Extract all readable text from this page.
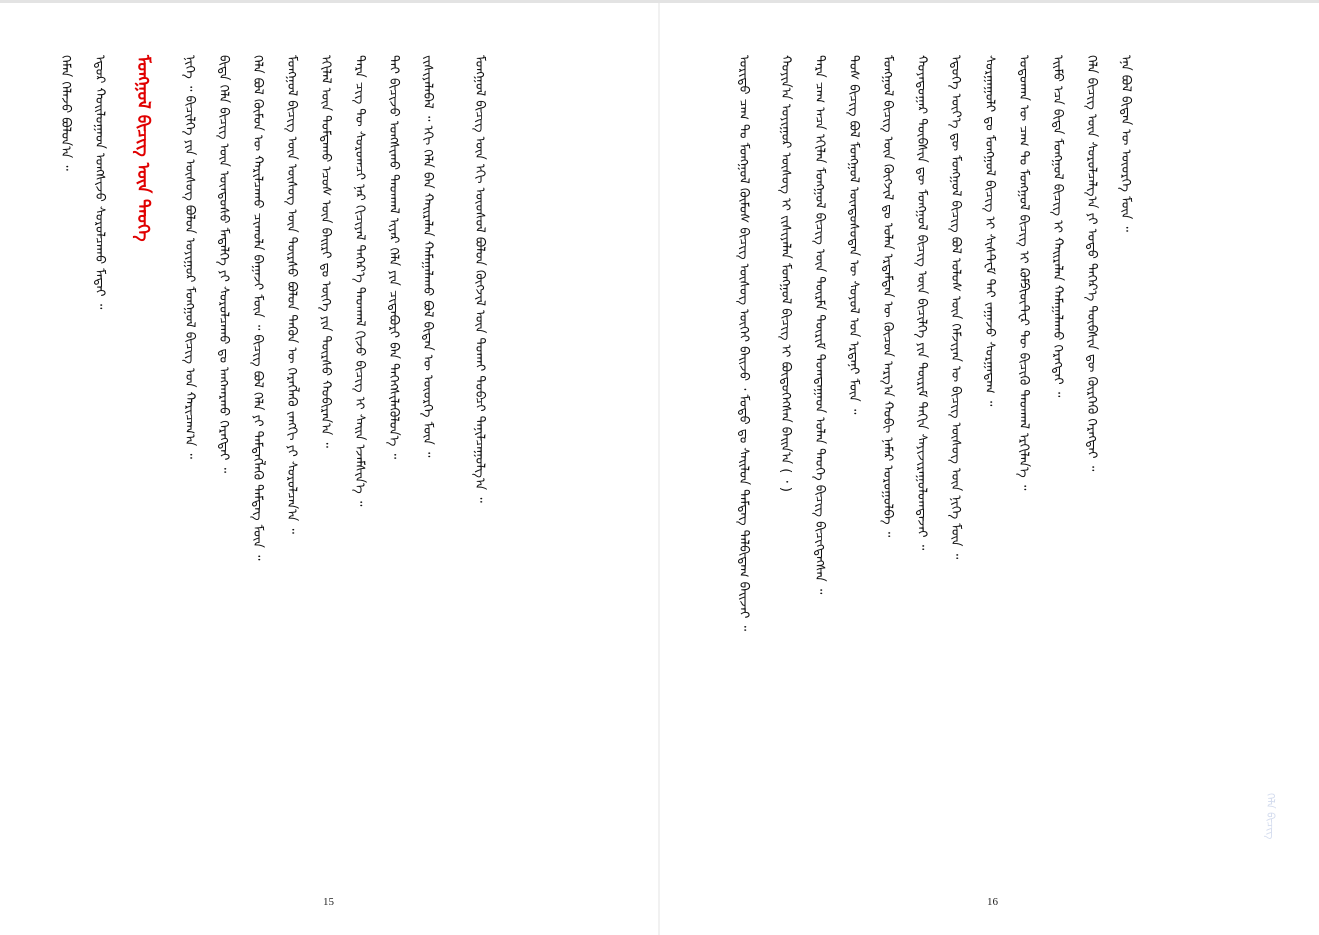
ᠬᠡᠮᠡᠨ ᠬᠡᠯᠡᠵᠦ ᠪᠣᠯᠣᠨ᠎ᠠ ᠃ ᠡᠳᠦᠷ ᠬᠣᠢᠯᠣᠭᠠᠳ ᠤᠩᠰᠢᠵᠤ ᠰᠤᠷᠤᠯᠴᠠᠬᠤ ᠮᠠᠲᠠᠢ ᠃ ᠮᠣᠩᠭᠣᠯ ᠪᠢᠴᠢᠭ ᠦᠨ ᠲᠡᠦᠬᠡ ᠨᠢᠭᠡ ᠃ ᠪᠢᠴᠢᠯᠭᠡ ᠶᠢᠨ ᠦᠰᠦᠭ ᠪᠣᠯᠣᠨ ᠤᠶᠢᠭᠤᠷ ᠮᠣᠩᠭᠣᠯ ᠪᠢᠴᠢᠭ ᠤᠨ ᠬᠠᠷᠢᠴᠠᠭ᠎ᠠ ᠃ ᠪᠢᠳᠡ ᠬᠡᠯᠡ ᠪᠢᠴᠢᠭ ᠦᠨ ᠦᠨᠳᠦᠰᠦ ᠮᠡᠳᠡᠯᠭᠡ ᠶᠢ ᠰᠤᠷᠤᠯᠴᠠᠬᠤ ᠳᠤ ᠠᠩᠬᠠᠷᠬᠤ ᠬᠡᠷᠡᠭᠲᠡᠢ ᠃ ᠬᠡᠯᠡ ᠪᠣᠯ ᠬᠦᠮᠦᠨ ᠦ ᠬᠠᠷᠢᠯᠴᠠᠬᠤ ᠴᠢᠬᠤᠯᠠ ᠪᠠᠭᠠᠵᠢ ᠮᠥᠨ ᠃ ᠪᠢᠴᠢᠭ ᠪᠣᠯ ᠬᠡᠯᠡ ᠶᠢ ᠲᠡᠮᠳᠡᠭᠯᠡᠬᠦ ᠲᠡᠮᠳᠡᠭ ᠮᠥᠨ ᠃ ᠮᠣᠩᠭᠣᠯ ᠪᠢᠴᠢᠭ ᠦᠨ ᠦᠰᠦᠭ ᠦᠨ ᠳᠦᠷᠰᠦ ᠪᠣᠯᠣᠨ ᠲᠡᠭᠦᠨ ᠦ ᠬᠡᠷᠡᠭᠯᠡᠬᠦ ᠵᠠᠩᠭᠢ ᠶᠢ ᠰᠤᠷᠤᠯᠴᠠᠨ᠎ᠠ ᠃ ᠡᠬᠢᠯᠡᠯ ᠦᠨ ᠳᠤᠮᠳᠠᠬᠤ ᠡᠴᠦᠰ ᠦᠨ ᠪᠠᠢᠷᠢ ᠳᠤ ᠦᠭᠡ ᠶᠢᠨ ᠳᠦᠷᠰᠦ ᠬᠤᠪᠢᠷᠠᠨ᠎ᠠ ᠃ ᠲᠡᠷᠡ ᠴᠢᠭ ᠲᠦ ᠰᠤᠷᠤᠭᠴᠢ ᠨᠠᠷ ᠬᠢᠴᠢᠶᠡᠯ ᠳᠡᠭᠡᠷ᠎ᠡ ᠳᠠᠳᠬᠠᠯ ᠬᠢᠵᠦ ᠪᠢᠴᠢᠭ ᠢ ᠰᠠᠢᠨ ᠡᠵᠡᠮᠰᠢᠨ᠎ᠡ ᠃ ᠲᠡᠢ ᠪᠢᠴᠢᠵᠦ ᠤᠩᠰᠢᠬᠤ ᠳᠠᠳᠬᠠᠯ ᠢᠶᠠᠷ ᠬᠡᠯᠡ ᠶᠢᠨ ᠴᠢᠳᠠᠪᠤᠷᠢ ᠪᠡᠨ ᠳᠡᠭᠡᠭᠰᠢᠯᠡᠭᠦᠯᠦᠨ᠎ᠡ ᠃ ᠵᠢᠱᠢᠶᠡᠯᠡᠪᠡᠯ ᠃ ᠡᠬᠢ ᠬᠡᠯᠡ ᠪᠡᠨ ᠬᠠᠢᠷᠠᠯᠠᠨ ᠬᠠᠮᠠᠭᠠᠯᠠᠬᠤ ᠪᠣᠯ ᠪᠢᠳᠡᠨ ᠦ ᠦᠦᠷᠭᠡ ᠮᠥᠨ ᠃	ᠮᠣᠩᠭᠣᠯ ᠪᠢᠴᠢᠭ ᠦᠨ ᠡᠬᠢ ᠦᠦᠰᠦᠯ ᠪᠣᠯᠣᠨ ᠬᠥᠭᠵᠢᠯ ᠦᠨ ᠲᠤᠬᠠᠢ ᠲᠣᠪᠴᠢ ᠲᠠᠨᠢᠯᠴᠠᠭᠤᠯᠭ᠎ᠠ ᠃
15
ᠤᠷᠢᠳᠤ ᠴᠠᠭ ᠲᠤ ᠮᠣᠩᠭᠣᠯ ᠬᠦᠮᠦᠰ ᠪᠢᠴᠢᠭ ᠦᠰᠦᠭ ᠦᠭᠡᠢ ᠪᠠᠢᠵᠤ ᠂ ᠮᠣᠳᠣ ᠳᠤ ᠰᠡᠢᠯᠦᠨ ᠲᠡᠮᠳᠡᠭ ᠲᠠᠯᠪᠢᠳᠠᠭ ᠪᠠᠢᠵᠠᠢ ᠃ ᠬᠣᠶᠢᠨ᠎ᠠ ᠤᠶᠢᠭᠤᠷ ᠦᠰᠦᠭ ᠢ ᠵᠢᠱᠢᠶᠡᠯᠡᠨ ᠮᠣᠩᠭᠣᠯ ᠪᠢᠴᠢᠭ ᠢ ᠪᠦᠲᠦᠭᠡᠭᠰᠡᠨ ᠪᠠᠢᠨ᠎ᠠ ( ᠂ ) ᠲᠡᠷᠡ ᠴᠠᠭ ᠠᠴᠠ ᠡᠬᠢᠯᠡᠨ ᠮᠣᠩᠭᠣᠯ ᠪᠢᠴᠢᠭ ᠦᠨ ᠳᠦᠷᠮᠡ ᠳᠦᠷᠢᠮ ᠲᠣᠭᠲᠠᠭᠠᠳ ᠣᠯᠠᠨ ᠲᠡᠦᠬᠡ ᠪᠢᠴᠢᠭ ᠪᠢᠴᠢᠭᠳᠡᠭᠰᠡᠨ ᠃ ᠲᠤᠰ ᠪᠢᠴᠢᠭ ᠪᠣᠯ ᠮᠣᠩᠭᠣᠯ ᠦᠨᠳᠦᠰᠦᠲᠡᠨ ᠦ ᠰᠣᠶᠣᠯ ᠤᠨ ᠡᠷᠳᠡᠨᠢ ᠮᠥᠨ ᠃ ᠮᠣᠩᠭᠣᠯ ᠪᠢᠴᠢᠭ ᠦᠨ ᠬᠥᠭᠵᠢᠯ ᠳᠤ ᠣᠯᠠᠨ ᠡᠷᠳᠡᠮᠲᠡᠨ ᠦ ᠬᠦᠴᠦᠨ ᠠᠷᠭ᠎ᠠ ᠬᠤᠪᠢ ᠨᠡᠮᠡᠷ ᠣᠷᠣᠭᠤᠯᠪᠠ ᠃ ᠬᠣᠶᠠᠳᠤᠭᠠᠷ ᠲᠦᠪᠰᠢᠨ ᠳᠦ ᠮᠣᠩᠭᠣᠯ ᠪᠢᠴᠢᠭ ᠦᠨ ᠪᠢᠴᠢᠯᠭᠡ ᠶᠢᠨ ᠳᠦᠷᠢᠮ ᠳᠠᠬᠢᠨ ᠰᠠᠶᠢᠵᠢᠷᠠᠭᠤᠯᠤᠭᠳᠠᠵᠠᠢ ᠃ ᠡᠳᠦᠭᠡ ᠦᠶ᠎ᠡ ᠳᠦ ᠮᠣᠩᠭᠣᠯ ᠪᠢᠴᠢᠭ ᠪᠣᠯ ᠤᠯᠤᠰ ᠦᠨ ᠬᠡᠮᠵᠢᠶᠡᠨ ᠦ ᠪᠢᠴᠢᠭ ᠦᠰᠦᠭ ᠦᠨ ᠨᠢᠭᠡ ᠮᠥᠨ ᠃ ᠰᠤᠷᠭᠠᠭᠤᠯᠢ ᠳᠤ ᠮᠣᠩᠭᠣᠯ ᠪᠢᠴᠢᠭ ᠢ ᠰᠢᠰᠲᠸᠮ ᠲᠡᠢ ᠵᠠᠭᠠᠵᠤ ᠰᠤᠷᠭᠠᠳᠠᠭ ᠃ ᠣᠳᠣᠬᠠᠨ ᠦ ᠴᠠᠭ ᠲᠤ ᠮᠣᠩᠭᠣᠯ ᠪᠢᠴᠢᠭ ᠢ ᠺᠣᠮᠫᠢᠦ᠋ᠲ᠋ᠧᠷ ᠲᠦ ᠪᠢᠴᠢᠬᠦ ᠳᠠᠳᠬᠠᠯ ᠡᠷᠬᠢᠯᠡᠨ᠎ᠡ ᠃ ᠡᠢᠮᠦ ᠡᠴᠡ ᠪᠢᠳᠡ ᠮᠣᠩᠭᠣᠯ ᠪᠢᠴᠢᠭ ᠢ ᠬᠠᠢᠷᠠᠯᠠᠨ ᠬᠠᠮᠠᠭᠠᠯᠠᠬᠤ ᠬᠡᠷᠡᠭᠲᠡᠢ ᠃ ᠬᠡᠯᠡ ᠪᠢᠴᠢᠭ ᠦᠨ ᠰᠤᠷᠤᠯᠴᠠᠯᠭ᠎ᠠ ᠶᠢ ᠣᠳᠣ ᠳᠡᠭᠡᠷ᠎ᠡ ᠲᠦᠪᠰᠢᠨ ᠳᠦ ᠬᠦᠷᠭᠡᠬᠦ ᠬᠡᠷᠡᠭᠲᠡᠢ ᠃ ᠡᠨᠡ ᠪᠣᠯ ᠪᠢᠳᠡᠨ ᠦ ᠦᠦᠷᠭᠡ ᠮᠥᠨ ᠃
16
ᠬᠡᠯᠡ ᠪᠢᠴᠢᠭ
